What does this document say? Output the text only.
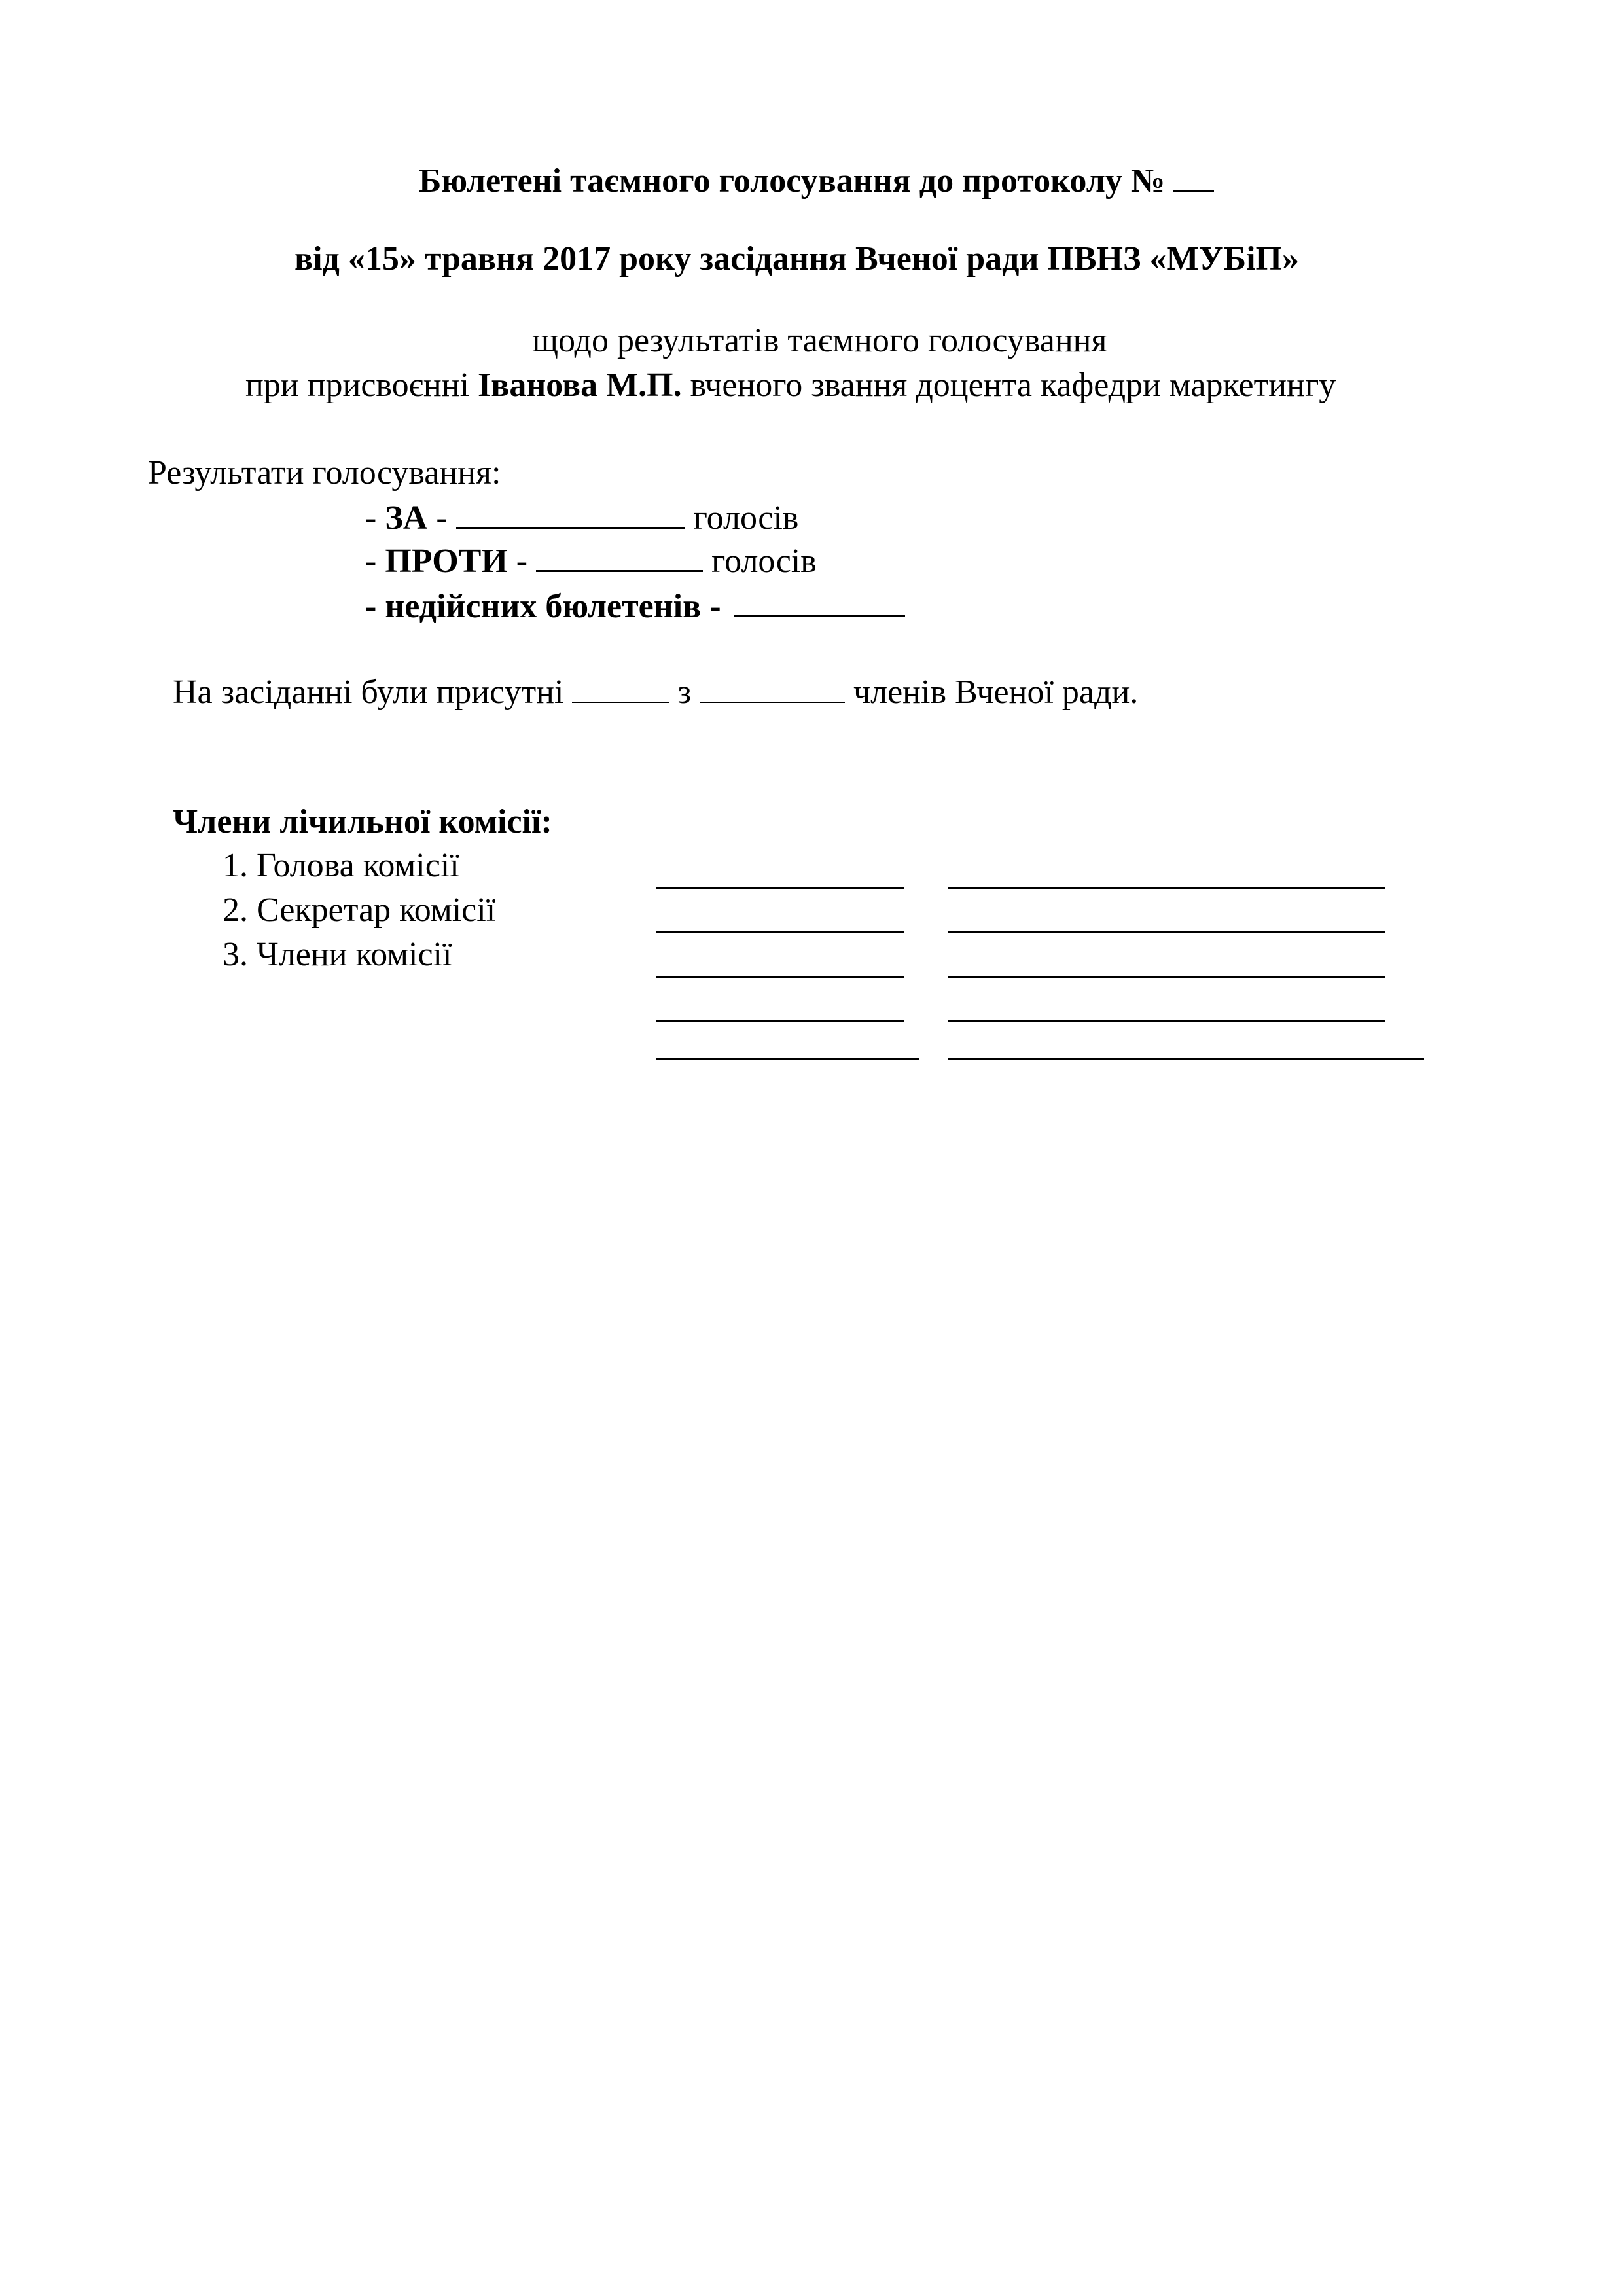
Бюлетені таємного голосування до протоколу №
від «15» травня 2017 року засідання Вченої ради ПВНЗ «МУБіП»
щодо результатів таємного голосування
при присвоєнні Іванова М.П. вченого звання доцента кафедри маркетингу
Результати голосування:
- ЗА -	голосів
- ПРОТИ -	голосів
- недійсних бюлетенів -
На засіданні були присутні	з	членів Вченої ради.
Члени лічильної комісії:
1. Голова комісії
2. Секретар комісії
3. Члени комісії
